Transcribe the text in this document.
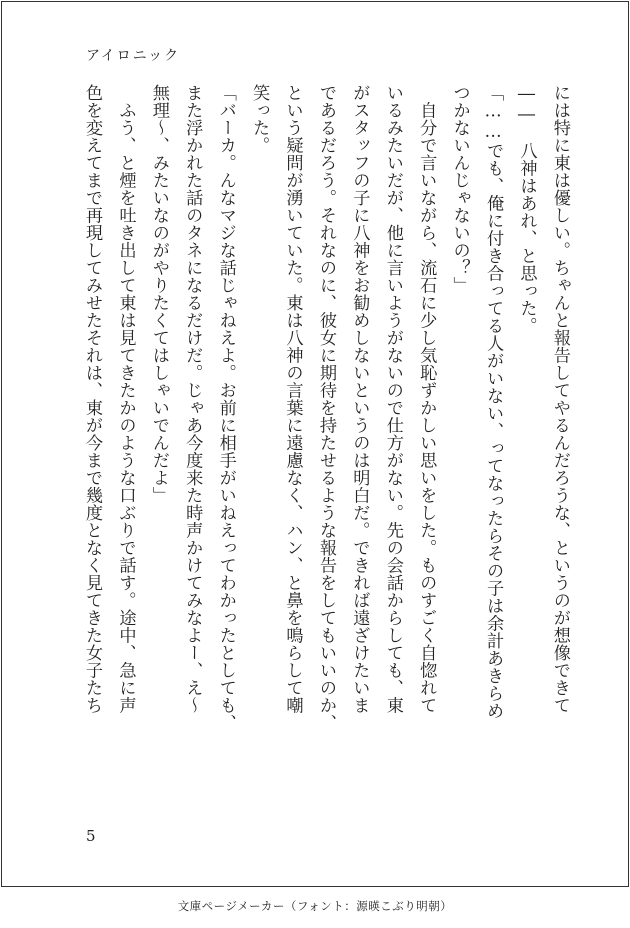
アイロニック

には特に東は優しい。ちゃんと報告してやるんだろうな、というのが想像できて

――　八神はあれ、と思った。

「……でも、俺に付き合ってる人がいない、ってなったらその子は余計あきらめ

つかないんじゃないの？」

　自分で言いながら、流石に少し気恥ずかしい思いをした。ものすごく自惚れて

いるみたいだが、他に言いようがないので仕方がない。先の会話からしても、東

がスタッフの子に八神をお勧めしないというのは明白だ。できれば遠ざけたいま

であるだろう。それなのに、彼女に期待を持たせるような報告をしてもいいのか、

という疑問が湧いていた。東は八神の言葉に遠慮なく、ハン、と鼻を鳴らして嘲

笑った。

「バーカ。んなマジな話じゃねえよ。お前に相手がいねえってわかったとしても、

また浮かれた話のタネになるだけだ。じゃあ今度来た時声かけてみなよー、え～

無理～、みたいなのがやりたくてはしゃいでんだよ」

　ふう、と煙を吐き出して東は見てきたかのような口ぶりで話す。途中、急に声

色を変えてまで再現してみせたそれは、東が今まで幾度となく見てきた女子たち

5
文庫ページメーカー（フォント：源暎こぶり明朝）
